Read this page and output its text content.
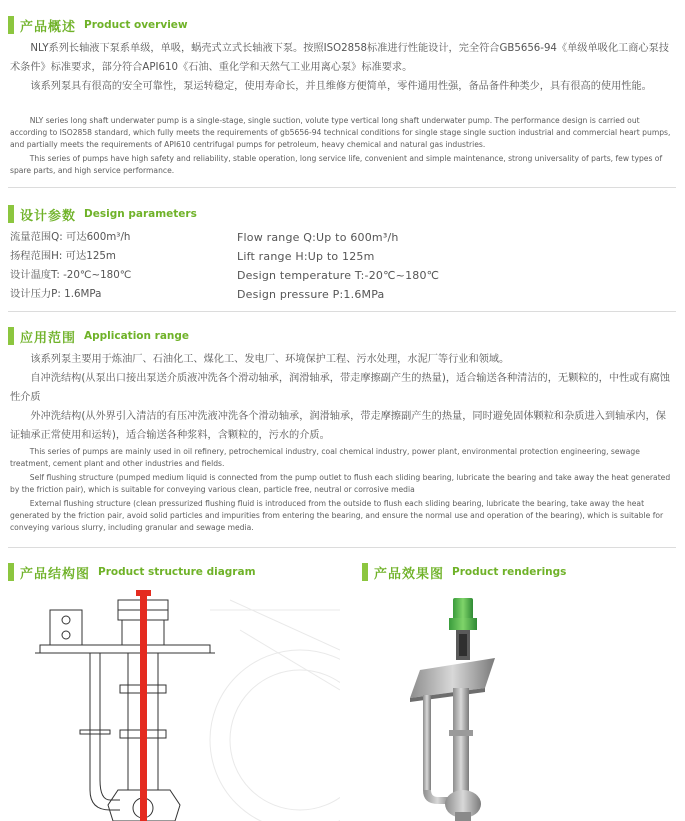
产品概述 Product overview

NLY系列长轴液下泵系单级，单吸，蜗壳式立式长轴液下泵。按照ISO2858标准进行性能设计，完全符合GB5656-94《单级单吸化工商心泵技术条件》标准要求，部分符合API610《石油、重化学和天然气工业用离心泵》标准要求。

该系列泵具有很高的安全可靠性，泵运转稳定，使用寿命长，并且维修方便简单，零件通用性强，备品备件种类少，具有很高的使用性能。

NLY series long shaft underwater pump is a single-stage, single suction, volute type vertical long shaft underwater pump. The performance design is carried out according to ISO2858 standard, which fully meets the requirements of gb5656-94 technical conditions for single stage single suction industrial and commercial heart pumps, and partially meets the requirements of API610 centrifugal pumps for petroleum, heavy chemical and natural gas industries.

This series of pumps have high safety and reliability, stable operation, long service life, convenient and simple maintenance, strong universality of parts, few types of spare parts, and high service performance.

设计参数 Design parameters
流量范围Q: 可达600m³/h
扬程范围H: 可达125m
设计温度T: -20℃~180℃
设计压力P: 1.6MPa
Flow range Q:Up to 600m³/h
Lift range H:Up to 125m
Design temperature T:-20℃~180℃
Design pressure P:1.6MPa
应用范围 Application range

该系列泵主要用于炼油厂、石油化工、煤化工、发电厂、环境保护工程、污水处理，水泥厂等行业和领域。

自冲洗结构(从泵出口接出泵送介质液冲洗各个滑动轴承，润滑轴承，带走摩擦副产生的热量)，适合输送各种清洁的，无颗粒的，中性或有腐蚀性介质

外冲洗结构(从外界引入清洁的有压冲洗液冲洗各个滑动轴承，润滑轴承，带走摩擦副产生的热量，同时避免固体颗粒和杂质进入到轴承内，保证轴承正常使用和运转)，适合输送各种浆料，含颗粒的，污水的介质。

This series of pumps are mainly used in oil refinery, petrochemical industry, coal chemical industry, power plant, environmental protection engineering, sewage treatment, cement plant and other industries and fields.

Self flushing structure (pumped medium liquid is connected from the pump outlet to flush each sliding bearing, lubricate the bearing and take away the heat generated by the friction pair), which is suitable for conveying various clean, particle free, neutral or corrosive media

External flushing structure (clean pressurized flushing fluid is introduced from the outside to flush each sliding bearing, lubricate the bearing, take away the heat generated by the friction pair, avoid solid particles and impurities from entering the bearing, and ensure the normal use and operation of the bearing), which is suitable for conveying various slurry, including granular and sewage media.

产品结构图 Product structure diagram	产品效果图 Product renderings
